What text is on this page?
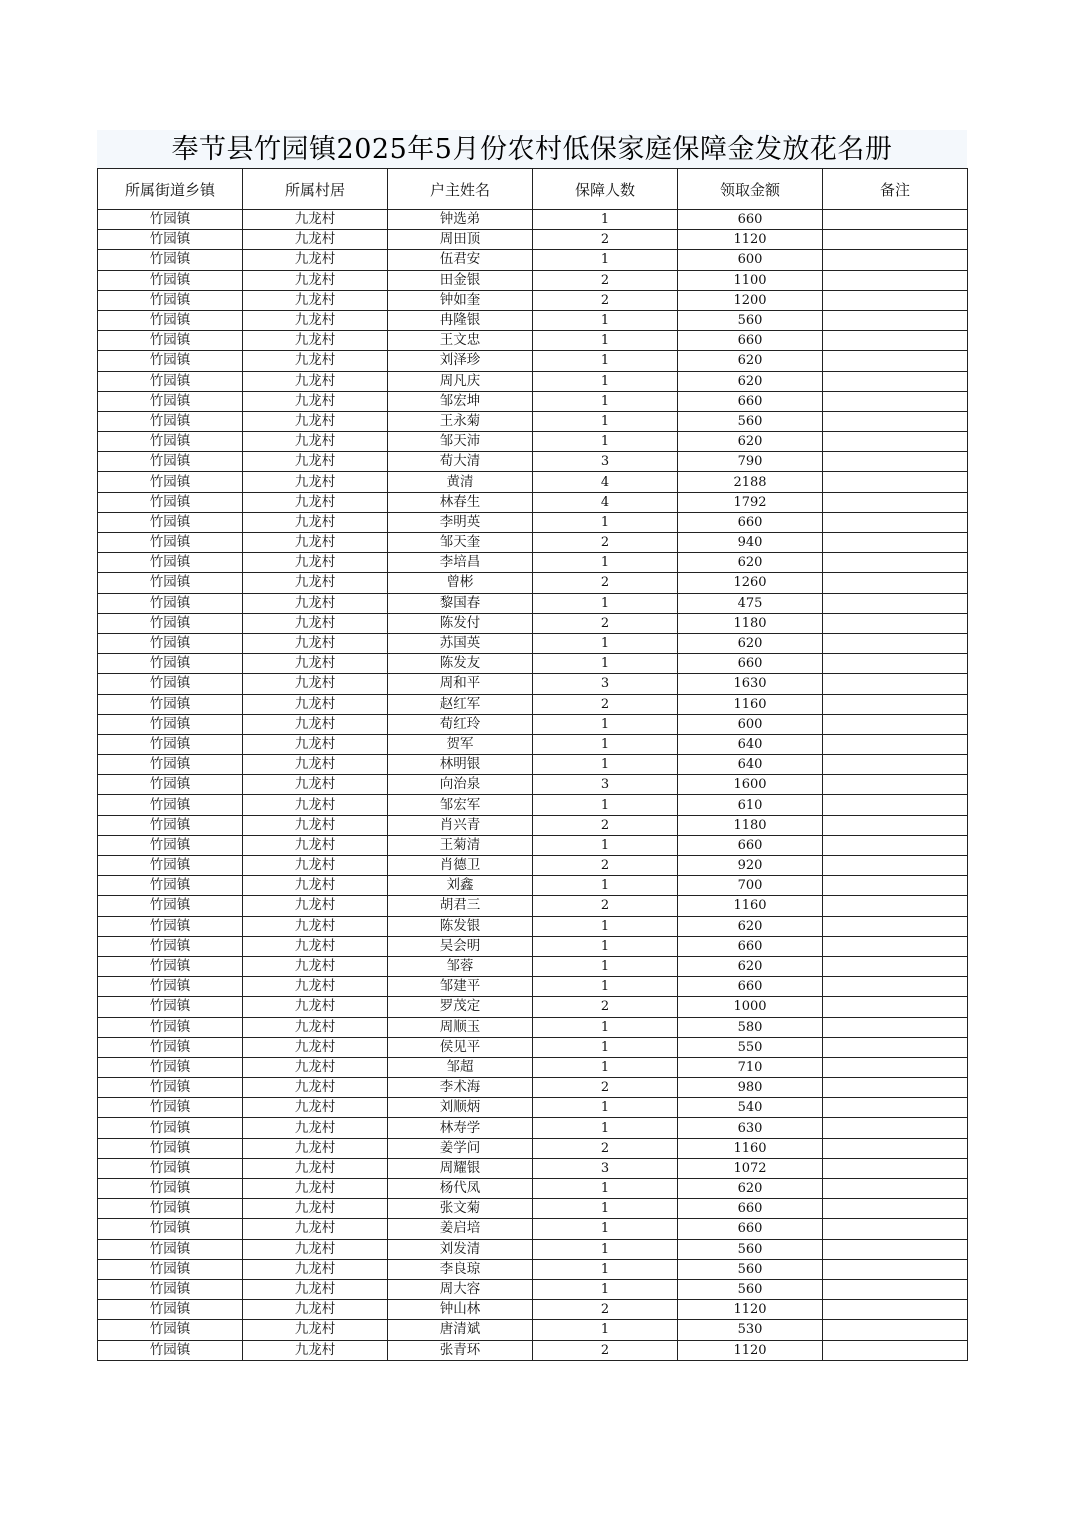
奉节县竹园镇2025年5月份农村低保家庭保障金发放花名册
所属街道乡镇	所属村居	户主姓名	保障人数	领取金额	备注
竹园镇	九龙村	钟选弟	1	660	
竹园镇	九龙村	周田顶	2	1120	
竹园镇	九龙村	伍君安	1	600	
竹园镇	九龙村	田金银	2	1100	
竹园镇	九龙村	钟如奎	2	1200	
竹园镇	九龙村	冉隆银	1	560	
竹园镇	九龙村	王文忠	1	660	
竹园镇	九龙村	刘泽珍	1	620	
竹园镇	九龙村	周凡庆	1	620	
竹园镇	九龙村	邹宏坤	1	660	
竹园镇	九龙村	王永菊	1	560	
竹园镇	九龙村	邹天沛	1	620	
竹园镇	九龙村	荀大清	3	790	
竹园镇	九龙村	黄清	4	2188	
竹园镇	九龙村	林春生	4	1792	
竹园镇	九龙村	李明英	1	660	
竹园镇	九龙村	邹天奎	2	940	
竹园镇	九龙村	李培昌	1	620	
竹园镇	九龙村	曾彬	2	1260	
竹园镇	九龙村	黎国春	1	475	
竹园镇	九龙村	陈发付	2	1180	
竹园镇	九龙村	苏国英	1	620	
竹园镇	九龙村	陈发友	1	660	
竹园镇	九龙村	周和平	3	1630	
竹园镇	九龙村	赵红军	2	1160	
竹园镇	九龙村	荀红玲	1	600	
竹园镇	九龙村	贺军	1	640	
竹园镇	九龙村	林明银	1	640	
竹园镇	九龙村	向治泉	3	1600	
竹园镇	九龙村	邹宏军	1	610	
竹园镇	九龙村	肖兴青	2	1180	
竹园镇	九龙村	王菊清	1	660	
竹园镇	九龙村	肖德卫	2	920	
竹园镇	九龙村	刘鑫	1	700	
竹园镇	九龙村	胡君三	2	1160	
竹园镇	九龙村	陈发银	1	620	
竹园镇	九龙村	吴会明	1	660	
竹园镇	九龙村	邹蓉	1	620	
竹园镇	九龙村	邹建平	1	660	
竹园镇	九龙村	罗茂定	2	1000	
竹园镇	九龙村	周顺玉	1	580	
竹园镇	九龙村	侯见平	1	550	
竹园镇	九龙村	邹超	1	710	
竹园镇	九龙村	李术海	2	980	
竹园镇	九龙村	刘顺炳	1	540	
竹园镇	九龙村	林寿学	1	630	
竹园镇	九龙村	姜学问	2	1160	
竹园镇	九龙村	周耀银	3	1072	
竹园镇	九龙村	杨代凤	1	620	
竹园镇	九龙村	张文菊	1	660	
竹园镇	九龙村	姜启培	1	660	
竹园镇	九龙村	刘发清	1	560	
竹园镇	九龙村	李良琼	1	560	
竹园镇	九龙村	周大容	1	560	
竹园镇	九龙村	钟山林	2	1120	
竹园镇	九龙村	唐清斌	1	530	
竹园镇	九龙村	张青环	2	1120	
